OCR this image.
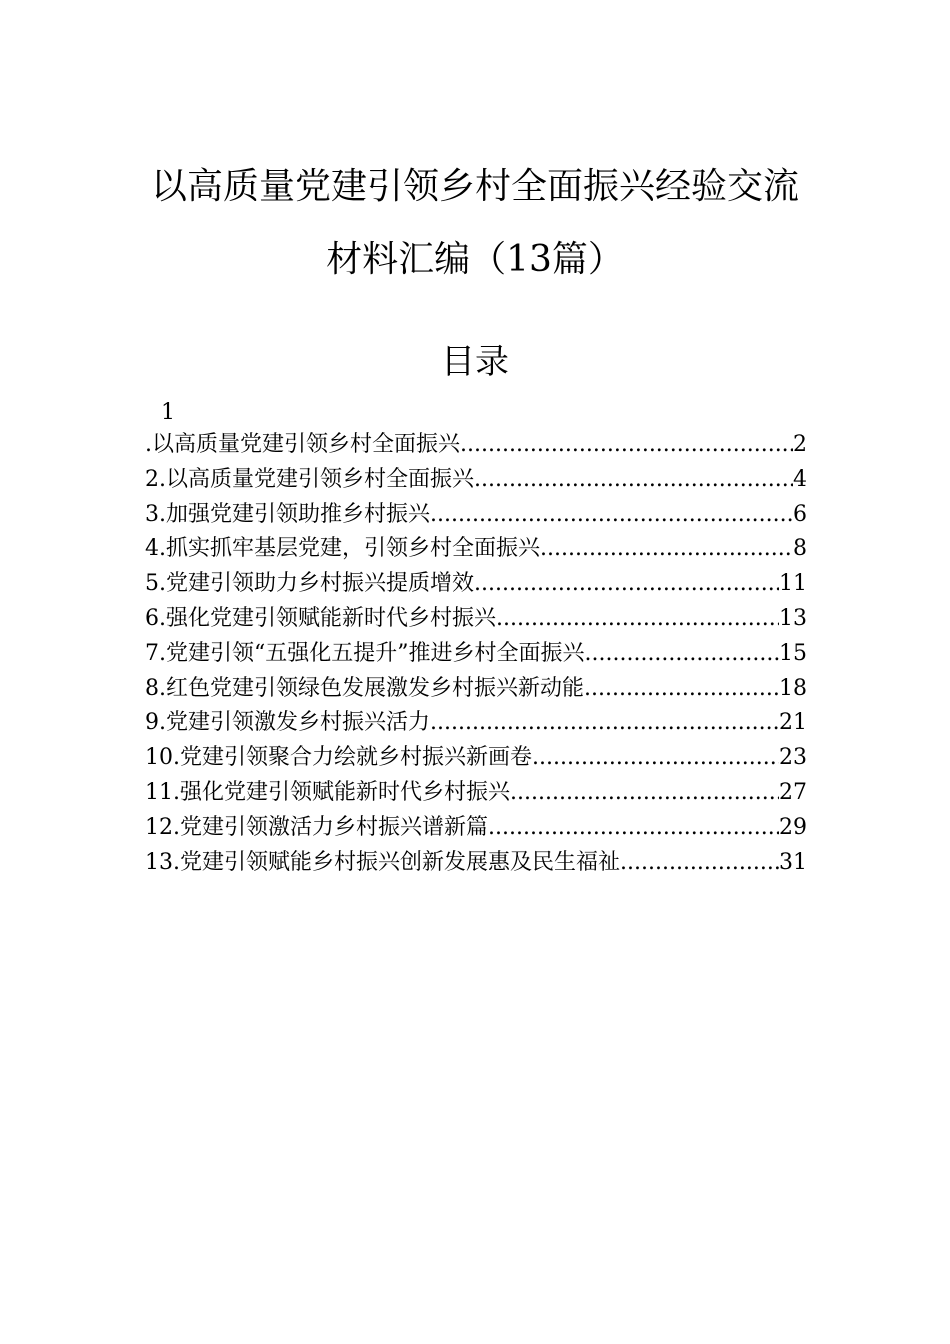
以高质量党建引领乡村全面振兴经验交流
材料汇编（13篇）
目录
1
.以高质量党建引领乡村全面振兴 .....	2
2.以高质量党建引领乡村全面振兴 .....	4
3.加强党建引领助推乡村振兴 .....	6
4.抓实抓牢基层党建，引领乡村全面振兴 .....	8
5.党建引领助力乡村振兴提质增效 .....	11
6.强化党建引领赋能新时代乡村振兴 .....	13
7.党建引领“五强化五提升”推进乡村全面振兴 .....	15
8.红色党建引领绿色发展激发乡村振兴新动能 .....	18
9.党建引领激发乡村振兴活力 .....	21
10.党建引领聚合力绘就乡村振兴新画卷 .....	23
11.强化党建引领赋能新时代乡村振兴 .....	27
12.党建引领激活力乡村振兴谱新篇 .....	29
13.党建引领赋能乡村振兴创新发展惠及民生福祉 .....	31
